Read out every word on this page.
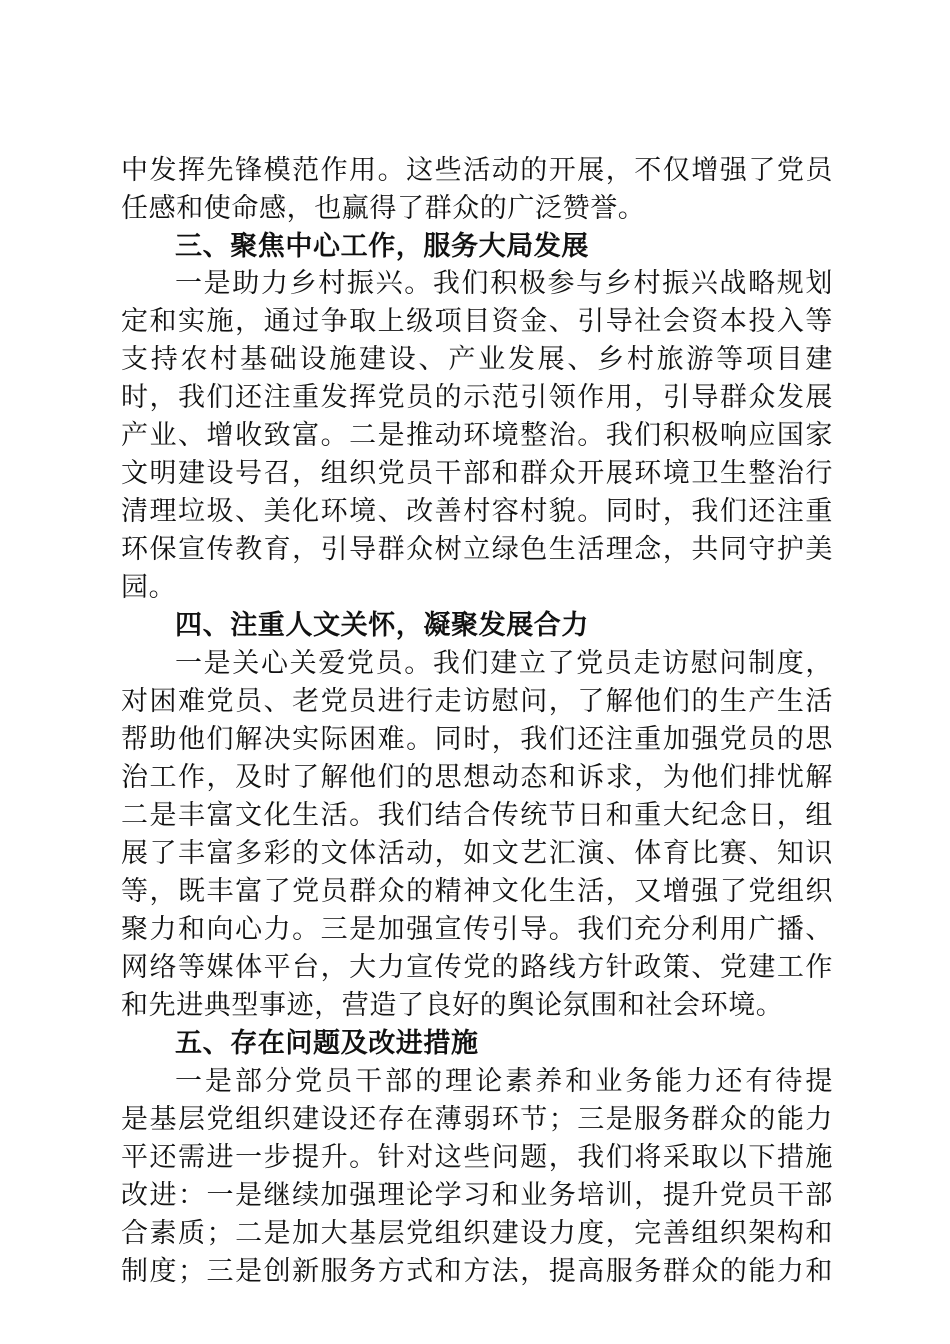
中发挥先锋模范作用。这些活动的开展，不仅增强了党员
任感和使命感，也赢得了群众的广泛赞誉。
三、聚焦中心工作，服务大局发展
一是助力乡村振兴。我们积极参与乡村振兴战略规划
定和实施，通过争取上级项目资金、引导社会资本投入等
支持农村基础设施建设、产业发展、乡村旅游等项目建
时，我们还注重发挥党员的示范引领作用，引导群众发展
产业、增收致富。二是推动环境整治。我们积极响应国家
文明建设号召，组织党员干部和群众开展环境卫生整治行
清理垃圾、美化环境、改善村容村貌。同时，我们还注重
环保宣传教育，引导群众树立绿色生活理念，共同守护美
园。
四、注重人文关怀，凝聚发展合力
一是关心关爱党员。我们建立了党员走访慰问制度，
对困难党员、老党员进行走访慰问，了解他们的生产生活
帮助他们解决实际困难。同时，我们还注重加强党员的思
治工作，及时了解他们的思想动态和诉求，为他们排忧解
二是丰富文化生活。我们结合传统节日和重大纪念日，组
展了丰富多彩的文体活动，如文艺汇演、体育比赛、知识
等，既丰富了党员群众的精神文化生活，又增强了党组织
聚力和向心力。三是加强宣传引导。我们充分利用广播、
网络等媒体平台，大力宣传党的路线方针政策、党建工作
和先进典型事迹，营造了良好的舆论氛围和社会环境。
五、存在问题及改进措施
一是部分党员干部的理论素养和业务能力还有待提
是基层党组织建设还存在薄弱环节；三是服务群众的能力
平还需进一步提升。针对这些问题，我们将采取以下措施
改进：一是继续加强理论学习和业务培训，提升党员干部
合素质；二是加大基层党组织建设力度，完善组织架构和
制度；三是创新服务方式和方法，提高服务群众的能力和
